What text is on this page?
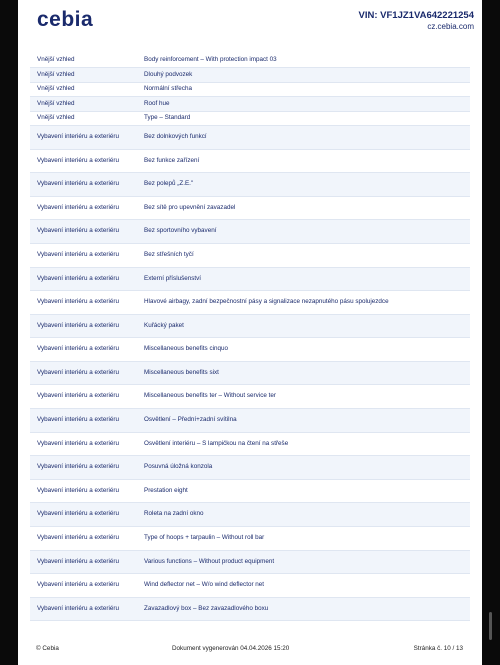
cebia	VIN: VF1JZ1VA642221254
cz.cebia.com
Vnější vzhled	Body reinforcement – With protection impact 03
Vnější vzhled	Dlouhý podvozek
Vnější vzhled	Normální střecha
Vnější vzhled	Roof hue
Vnější vzhled	Type – Standard
Vybavení interiéru a exteriéru	Bez dolnkových funkcí
Vybavení interiéru a exteriéru	Bez funkce zařízení
Vybavení interiéru a exteriéru	Bez polepů „Z.E."
Vybavení interiéru a exteriéru	Bez sítě pro upevnění zavazadel
Vybavení interiéru a exteriéru	Bez sportovního vybavení
Vybavení interiéru a exteriéru	Bez střešních tyčí
Vybavení interiéru a exteriéru	Externí příslušenství
Vybavení interiéru a exteriéru	Hlavové airbagy, zadní bezpečnostní pásy a signalizace nezapnutého pásu spolujezdce
Vybavení interiéru a exteriéru	Kuřácký paket
Vybavení interiéru a exteriéru	Miscellaneous benefits cinquo
Vybavení interiéru a exteriéru	Miscellaneous benefits sixt
Vybavení interiéru a exteriéru	Miscellaneous benefits ter – Without service ter
Vybavení interiéru a exteriéru	Osvětlení – Přední+zadní svítilna
Vybavení interiéru a exteriéru	Osvětlení interiéru – S lampičkou na čtení na střeše
Vybavení interiéru a exteriéru	Posuvná úložná konzola
Vybavení interiéru a exteriéru	Prestation eight
Vybavení interiéru a exteriéru	Roleta na zadní okno
Vybavení interiéru a exteriéru	Type of hoops + tarpaulin – Without roll bar
Vybavení interiéru a exteriéru	Various functions – Without product equipment
Vybavení interiéru a exteriéru	Wind deflector net – W/o wind deflector net
Vybavení interiéru a exteriéru	Zavazadlový box – Bez zavazadlového boxu
© Cebia	Dokument vygenerován 04.04.2026 15:20	Stránka č. 10 / 13
